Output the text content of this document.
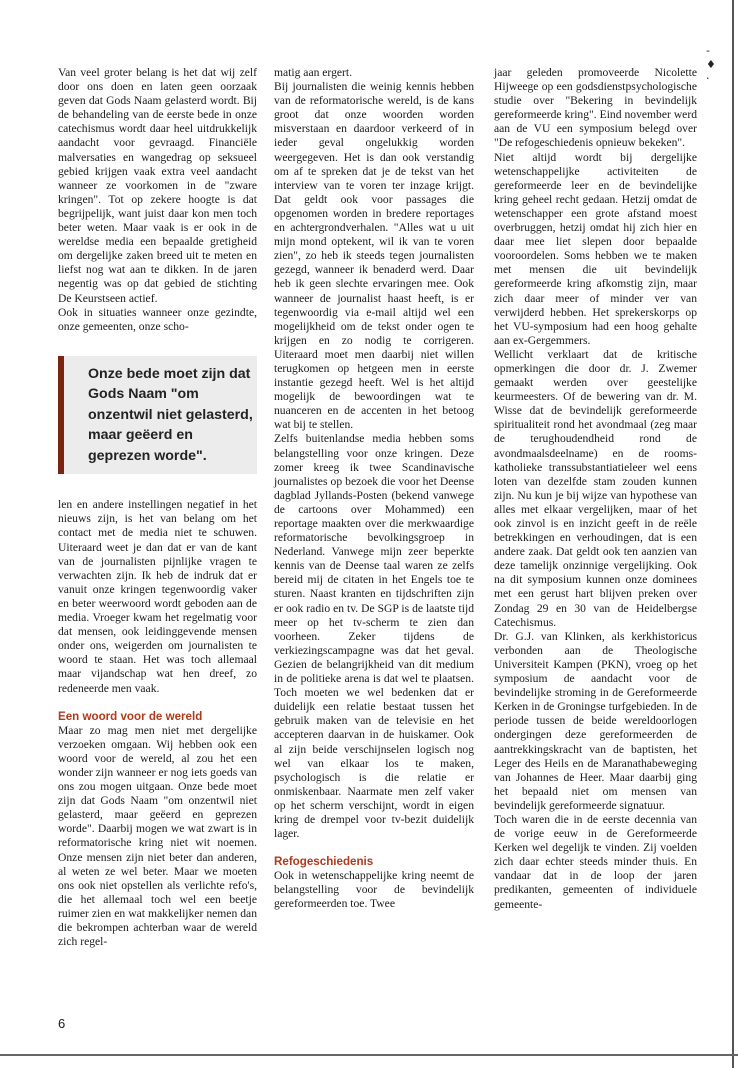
-
♦
·

Van veel groter belang is het dat wij zelf door ons doen en laten geen oorzaak geven dat Gods Naam gelasterd wordt. Bij de behandeling van de eerste bede in onze catechismus wordt daar heel uitdrukkelijk aandacht voor gevraagd. Financiële malversaties en wangedrag op seksueel gebied krijgen vaak extra veel aandacht wanneer ze voorkomen in de "zware kringen". Tot op zekere hoogte is dat begrijpelijk, want juist daar kon men toch beter weten. Maar vaak is er ook in de wereldse media een bepaalde gretigheid om dergelijke zaken breed uit te meten en liefst nog wat aan te dikken. In de jaren negentig was op dat gebied de stichting De Keurstseen actief.

Ook in situaties wanneer onze gezindte, onze gemeenten, onze scho-

Onze bede moet zijn dat Gods Naam "om onzentwil niet gelasterd, maar geëerd en geprezen worde".

len en andere instellingen negatief in het nieuws zijn, is het van belang om het contact met de media niet te schuwen. Uiteraard weet je dan dat er van de kant van de journalisten pijnlijke vragen te verwachten zijn. Ik heb de indruk dat er vanuit onze kringen tegenwoordig vaker en beter weerwoord wordt geboden aan de media. Vroeger kwam het regelmatig voor dat mensen, ook leidinggevende mensen onder ons, weigerden om journalisten te woord te staan. Het was toch allemaal maar vijandschap wat hen dreef, zo redeneerde men vaak.

Een woord voor de wereld

Maar zo mag men niet met dergelijke verzoeken omgaan. Wij hebben ook een woord voor de wereld, al zou het een wonder zijn wanneer er nog iets goeds van ons zou mogen uitgaan. Onze bede moet zijn dat Gods Naam "om onzentwil niet gelasterd, maar geëerd en geprezen worde". Daarbij mogen we wat zwart is in reformatorische kring niet wit noemen. Onze mensen zijn niet beter dan anderen, al weten ze wel beter. Maar we moeten ons ook niet opstellen als verlichte refo's, die het allemaal toch wel een beetje ruimer zien en wat makkelijker nemen dan die bekrompen achterban waar de wereld zich regel-

matig aan ergert.

Bij journalisten die weinig kennis hebben van de reformatorische wereld, is de kans groot dat onze woorden worden misverstaan en daardoor verkeerd of in ieder geval ongelukkig worden weergegeven. Het is dan ook verstandig om af te spreken dat je de tekst van het interview van te voren ter inzage krijgt. Dat geldt ook voor passages die opgenomen worden in bredere reportages en achtergrondverhalen. "Alles wat u uit mijn mond optekent, wil ik van te voren zien", zo heb ik steeds tegen journalisten gezegd, wanneer ik benaderd werd. Daar heb ik geen slechte ervaringen mee. Ook wanneer de journalist haast heeft, is er tegenwoordig via e-mail altijd wel een mogelijkheid om de tekst onder ogen te krijgen en zo nodig te corrigeren. Uiteraard moet men daarbij niet willen terugkomen op hetgeen men in eerste instantie gezegd heeft. Wel is het altijd mogelijk de bewoordingen wat te nuanceren en de accenten in het betoog wat bij te stellen.

Zelfs buitenlandse media hebben soms belangstelling voor onze kringen. Deze zomer kreeg ik twee Scandinavische journalistes op bezoek die voor het Deense dagblad Jyllands-Posten (bekend vanwege de cartoons over Mohammed) een reportage maakten over die merkwaardige reformatorische bevolkingsgroep in Nederland. Vanwege mijn zeer beperkte kennis van de Deense taal waren ze zelfs bereid mij de citaten in het Engels toe te sturen. Naast kranten en tijdschriften zijn er ook radio en tv. De SGP is de laatste tijd meer op het tv-scherm te zien dan voorheen. Zeker tijdens de verkiezingscampagne was dat het geval. Gezien de belangrijkheid van dit medium in de politieke arena is dat wel te plaatsen. Toch moeten we wel bedenken dat er duidelijk een relatie bestaat tussen het gebruik maken van de televisie en het accepteren daarvan in de huiskamer. Ook al zijn beide verschijnselen logisch nog wel van elkaar los te maken, psychologisch is die relatie er onmiskenbaar. Naarmate men zelf vaker op het scherm verschijnt, wordt in eigen kring de drempel voor tv-bezit duidelijk lager.

Refogeschiedenis

Ook in wetenschappelijke kring neemt de belangstelling voor de bevindelijk gereformeerden toe. Twee

jaar geleden promoveerde Nicolette Hijweege op een godsdienstpsychologische studie over "Bekering in bevindelijk gereformeerde kring". Eind november werd aan de VU een symposium belegd over "De refogeschiedenis opnieuw bekeken".

Niet altijd wordt bij dergelijke wetenschappelijke activiteiten de gereformeerde leer en de bevindelijke kring geheel recht gedaan. Hetzij omdat de wetenschapper een grote afstand moest overbruggen, hetzij omdat hij zich hier en daar mee liet slepen door bepaalde vooroordelen. Soms hebben we te maken met mensen die uit bevindelijk gereformeerde kring afkomstig zijn, maar zich daar meer of minder ver van verwijderd hebben. Het sprekerskorps op het VU-symposium had een hoog gehalte aan ex-Gergemmers.

Wellicht verklaart dat de kritische opmerkingen die door dr. J. Zwemer gemaakt werden over geestelijke keurmeesters. Of de bewering van dr. M. Wisse dat de bevindelijk gereformeerde spiritualiteit rond het avondmaal (zeg maar de terughoudendheid rond de avondmaalsdeelname) en de rooms-katholieke transsubstantiatieleer wel eens loten van dezelfde stam zouden kunnen zijn. Nu kun je bij wijze van hypothese van alles met elkaar vergelijken, maar of het ook zinvol is en inzicht geeft in de reële betrekkingen en verhoudingen, dat is een andere zaak. Dat geldt ook ten aanzien van deze tamelijk onzinnige vergelijking. Ook na dit symposium kunnen onze dominees met een gerust hart blijven preken over Zondag 29 en 30 van de Heidelbergse Catechismus.

Dr. G.J. van Klinken, als kerkhistoricus verbonden aan de Theologische Universiteit Kampen (PKN), vroeg op het symposium de aandacht voor de bevindelijke stroming in de Gereformeerde Kerken in de Groningse turfgebieden. In de periode tussen de beide wereldoorlogen ondergingen deze gereformeerden de aantrekkingskracht van de baptisten, het Leger des Heils en de Maranathabeweging van Johannes de Heer. Maar daarbij ging het bepaald niet om mensen van bevindelijk gereformeerde signatuur.

Toch waren die in de eerste decennia van de vorige eeuw in de Gereformeerde Kerken wel degelijk te vinden. Zij voelden zich daar echter steeds minder thuis. En vandaar dat in de loop der jaren predikanten, gemeenten of individuele gemeente-

6
